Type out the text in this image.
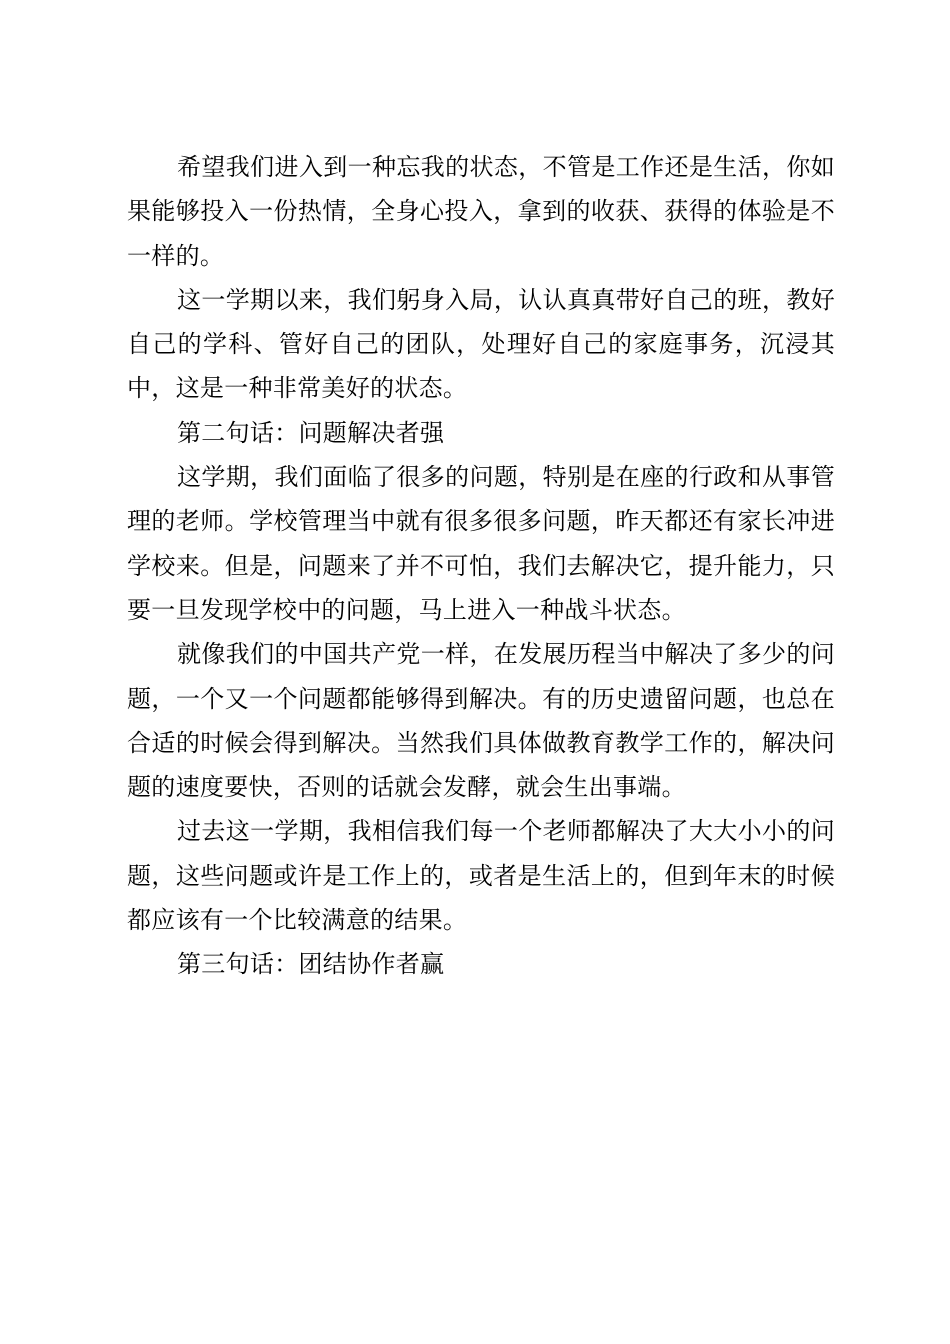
希望我们进入到一种忘我的状态，不管是工作还是生活，你如果能够投入一份热情，全身心投入，拿到的收获、获得的体验是不一样的。

这一学期以来，我们躬身入局，认认真真带好自己的班，教好自己的学科、管好自己的团队，处理好自己的家庭事务，沉浸其中，这是一种非常美好的状态。

第二句话：问题解决者强

这学期，我们面临了很多的问题，特别是在座的行政和从事管理的老师。学校管理当中就有很多很多问题，昨天都还有家长冲进学校来。但是，问题来了并不可怕，我们去解决它，提升能力，只要一旦发现学校中的问题，马上进入一种战斗状态。

就像我们的中国共产党一样，在发展历程当中解决了多少的问题，一个又一个问题都能够得到解决。有的历史遗留问题，也总在合适的时候会得到解决。当然我们具体做教育教学工作的，解决问题的速度要快，否则的话就会发酵，就会生出事端。

过去这一学期，我相信我们每一个老师都解决了大大小小的问题，这些问题或许是工作上的，或者是生活上的，但到年末的时候都应该有一个比较满意的结果。

第三句话：团结协作者赢
